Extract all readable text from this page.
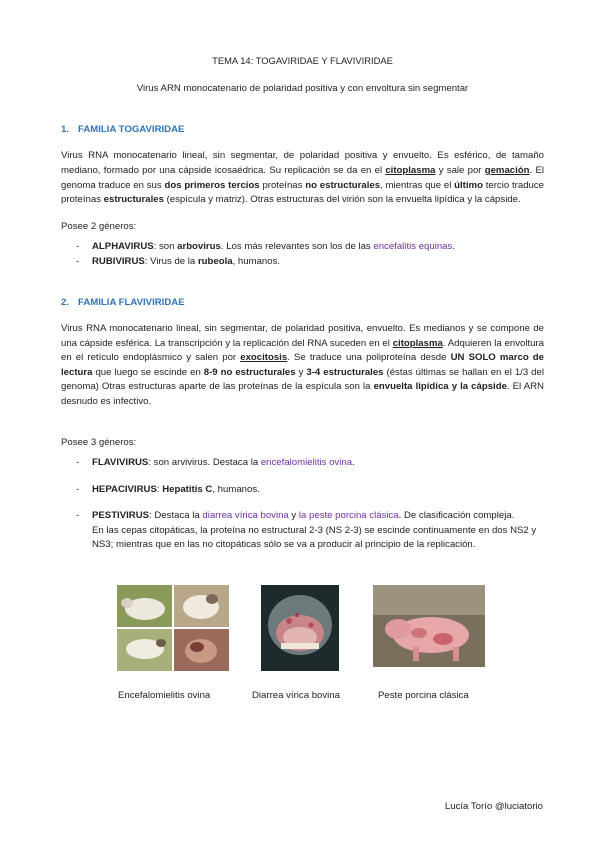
TEMA 14: TOGAVIRIDAE Y FLAVIVIRIDAE
Virus ARN monocatenario de polaridad positiva y con envoltura sin segmentar
1. FAMILIA TOGAVIRIDAE

Virus RNA monocatenario lineal, sin segmentar, de polaridad positiva y envuelto. Es esférico, de tamaño mediano, formado por una cápside icosaédrica. Su replicación se da en el citoplasma y sale por gemación. El genoma traduce en sus dos primeros tercios proteínas no estructurales, mientras que el último tercio traduce proteínas estructurales (espícula y matriz). Otras estructuras del virión son la envuelta lipídica y la cápside.

Posee 2 géneros:

- ALPHAVIRUS: son arbovirus. Los más relevantes son los de las encefalitis equinas.
- RUBIVIRUS: Virus de la rubeola, humanos.
2. FAMILIA FLAVIVIRIDAE

Virus RNA monocatenario lineal, sin segmentar, de polaridad positiva, envuelto. Es medianos y se compone de una cápside esférica. La transcripción y la replicación del RNA suceden en el citoplasma. Adquieren la envoltura en el retículo endoplásmico y salen por exocitosis. Se traduce una poliproteína desde UN SOLO marco de lectura que luego se escinde en 8-9 no estructurales y 3-4 estructurales (éstas últimas se hallan en el 1/3 del genoma) Otras estructuras aparte de las proteínas de la espícula son la envuelta lipídica y la cápside. El ARN desnudo es infectivo.

Posee 3 géneros:

- FLAVIVIRUS: son arvivirus. Destaca la encefalomielitis ovina.
- HEPACIVIRUS: Hepatitis C, humanos.
- PESTIVIRUS: Destaca la diarrea vírica bovina y la peste porcina clásica. De clasificación compleja.
En las cepas citopáticas, la proteína no estructural 2-3 (NS 2-3) se escinde continuamente en dos NS2 y NS3; mientras que en las no citopáticas sólo se va a producir al principio de la replicación.
Encefalomielitis ovina	Diarrea vírica bovina	Peste porcina clásica
Lucía Torío @luciatorio
